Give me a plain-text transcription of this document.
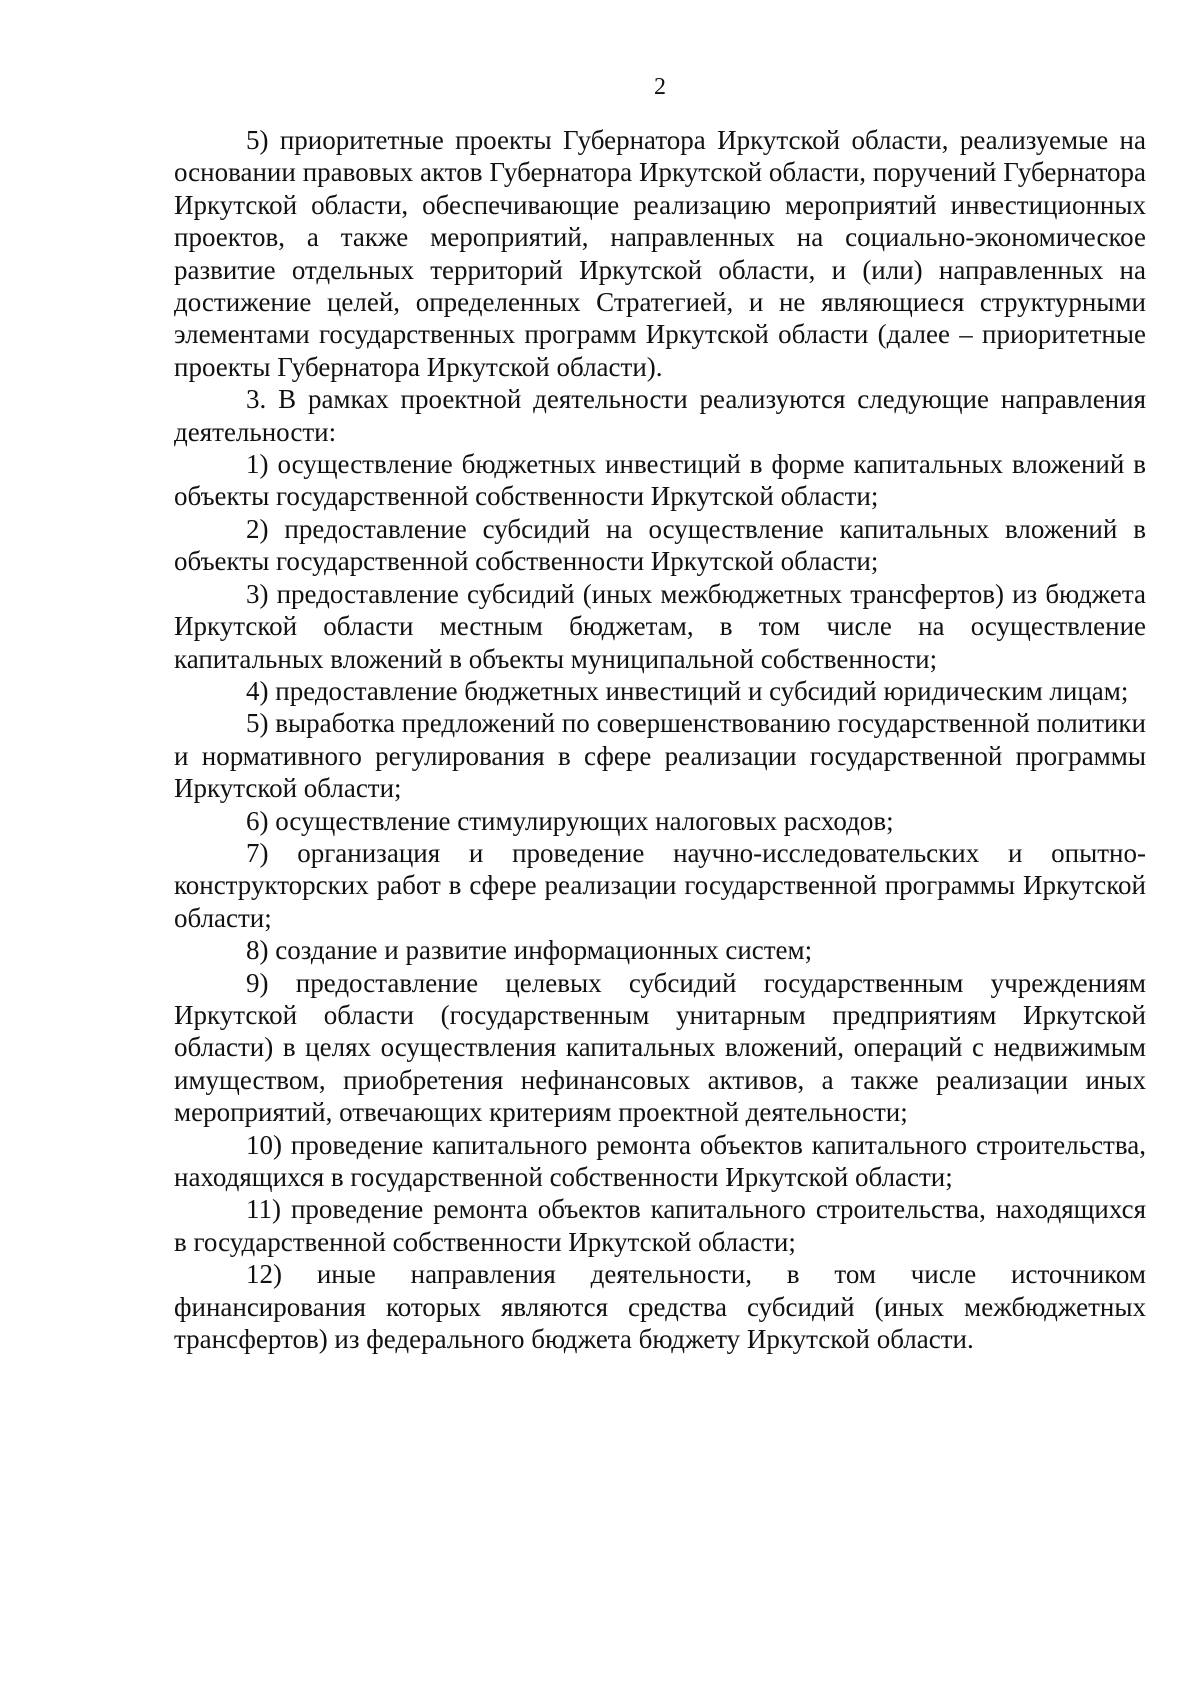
2

5) приоритетные проекты Губернатора Иркутской области, реализуемые на основании правовых актов Губернатора Иркутской области, поручений Губернатора Иркутской области, обеспечивающие реализацию мероприятий инвестиционных проектов, а также мероприятий, направленных на социально-экономическое развитие отдельных территорий Иркутской области, и (или) направленных на достижение целей, определенных Стратегией, и не являющиеся структурными элементами государственных программ Иркутской области (далее – приоритетные проекты Губернатора Иркутской области).

3. В рамках проектной деятельности реализуются следующие направления деятельности:

1) осуществление бюджетных инвестиций в форме капитальных вложений в объекты государственной собственности Иркутской области;

2) предоставление субсидий на осуществление капитальных вложений в объекты государственной собственности Иркутской области;

3) предоставление субсидий (иных межбюджетных трансфертов) из бюджета Иркутской области местным бюджетам, в том числе на осуществление капитальных вложений в объекты муниципальной собственности;

4) предоставление бюджетных инвестиций и субсидий юридическим лицам;

5) выработка предложений по совершенствованию государственной политики и нормативного регулирования в сфере реализации государственной программы Иркутской области;

6) осуществление стимулирующих налоговых расходов;

7) организация и проведение научно-исследовательских и опытно-конструкторских работ в сфере реализации государственной программы Иркутской области;

8) создание и развитие информационных систем;

9) предоставление целевых субсидий государственным учреждениям Иркутской области (государственным унитарным предприятиям Иркутской области) в целях осуществления капитальных вложений, операций с недвижимым имуществом, приобретения нефинансовых активов, а также реализации иных мероприятий, отвечающих критериям проектной деятельности;

10) проведение капитального ремонта объектов капитального строительства, находящихся в государственной собственности Иркутской области;

11) проведение ремонта объектов капитального строительства, находящихся в государственной собственности Иркутской области;

12) иные направления деятельности, в том числе источником финансирования которых являются средства субсидий (иных межбюджетных трансфертов) из федерального бюджета бюджету Иркутской области.
